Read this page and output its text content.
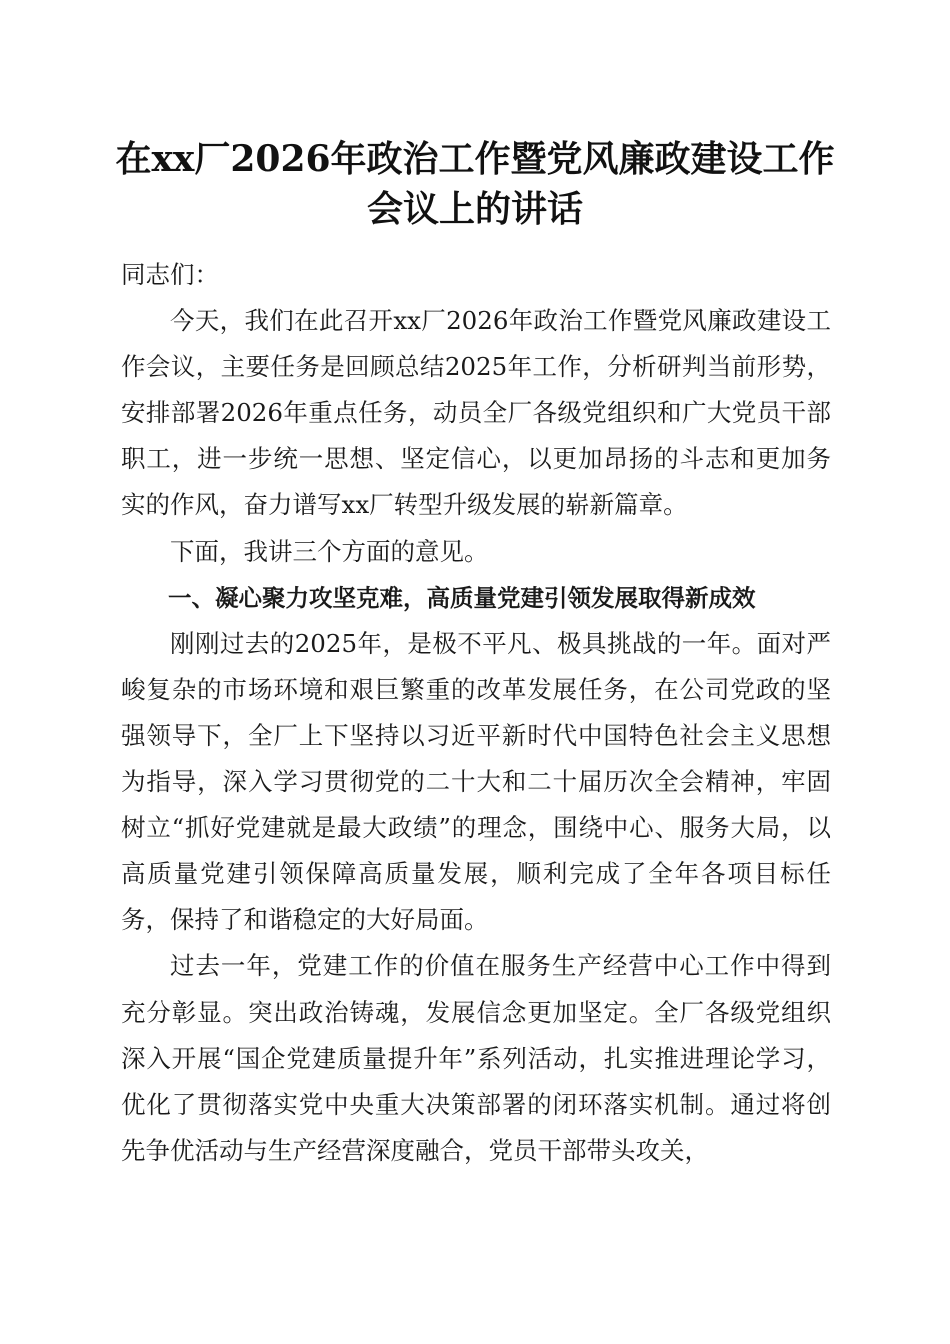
在xx厂2026年政治工作暨党风廉政建设工作
会议上的讲话

同志们：

今天，我们在此召开xx厂2026年政治工作暨党风廉政建设工作会议，主要任务是回顾总结2025年工作，分析研判当前形势，安排部署2026年重点任务，动员全厂各级党组织和广大党员干部职工，进一步统一思想、坚定信心，以更加昂扬的斗志和更加务实的作风，奋力谱写xx厂转型升级发展的崭新篇章。

下面，我讲三个方面的意见。

一、凝心聚力攻坚克难，高质量党建引领发展取得新成效

刚刚过去的2025年，是极不平凡、极具挑战的一年。面对严峻复杂的市场环境和艰巨繁重的改革发展任务，在公司党政的坚强领导下，全厂上下坚持以习近平新时代中国特色社会主义思想为指导，深入学习贯彻党的二十大和二十届历次全会精神，牢固树立“抓好党建就是最大政绩”的理念，围绕中心、服务大局，以高质量党建引领保障高质量发展，顺利完成了全年各项目标任务，保持了和谐稳定的大好局面。

过去一年，党建工作的价值在服务生产经营中心工作中得到充分彰显。突出政治铸魂，发展信念更加坚定。全厂各级党组织深入开展“国企党建质量提升年”系列活动，扎实推进理论学习，优化了贯彻落实党中央重大决策部署的闭环落实机制。通过将创先争优活动与生产经营深度融合，党员干部带头攻关，
